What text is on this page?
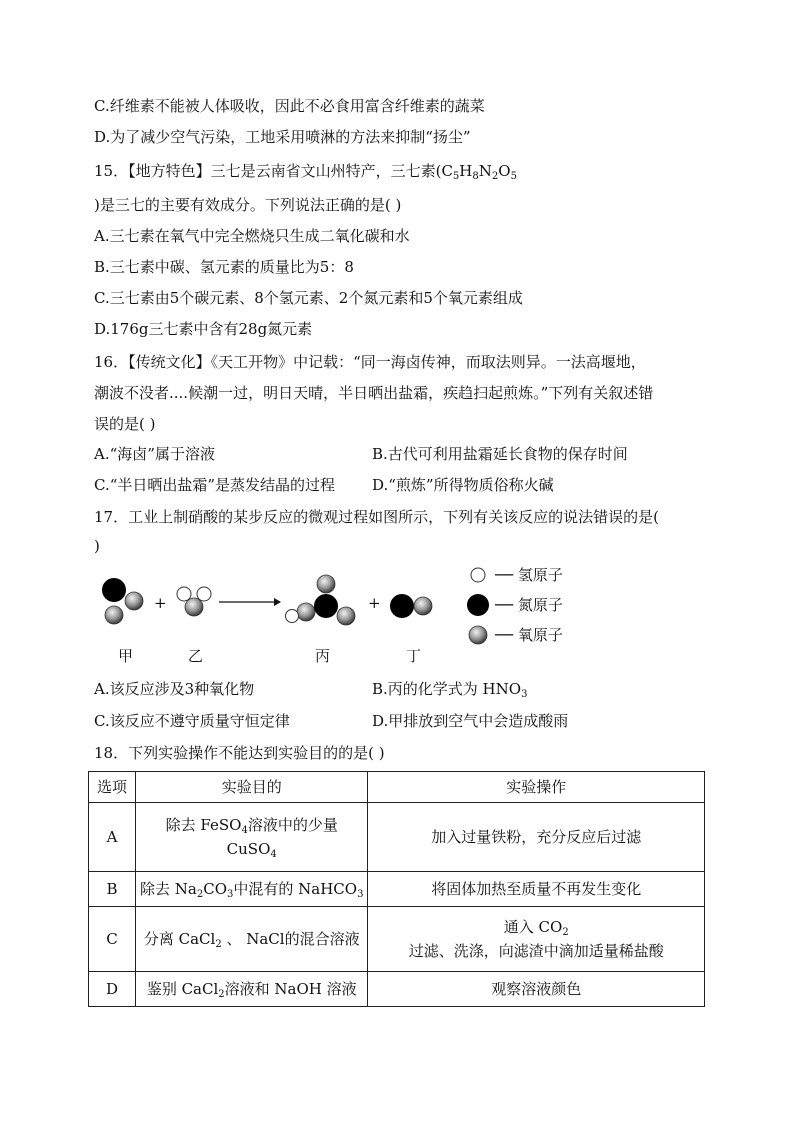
C.纤维素不能被人体吸收，因此不必食用富含纤维素的蔬菜
D.为了减少空气污染，工地采用喷淋的方法来抑制“扬尘”
15．【地方特色】三七是云南省文山州特产，三七素($C_5H_8N_2O_5$
)是三七的主要有效成分。下列说法正确的是( )
A.三七素在氧气中完全燃烧只生成二氧化碳和水
B.三七素中碳、氢元素的质量比为5：8
C.三七素由5个碳元素、8个氢元素、2个氮元素和5个氧元素组成
D.176g三七素中含有28g氮元素
16．【传统文化】《天工开物》中记载：“同一海卤传神，而取法则异。一法高堰地，
潮波不没者....候潮一过，明日天晴，半日晒出盐霜，疾趋扫起煎炼。”下列有关叙述错
误的是( )
A.“海卤”属于溶液	B.古代可利用盐霜延长食物的保存时间
C.“半日晒出盐霜”是蒸发结晶的过程 D.“煎炼”所得物质俗称火碱
17．工业上制硝酸的某步反应的微观过程如图所示，下列有关该反应的说法错误的是(
)
+	+
甲	乙	丙	丁
── 氢原子
── 氮原子
── 氧原子
A.该反应涉及3种氧化物	B.丙的化学式为 $HNO_3$
C.该反应不遵守质量守恒定律	D.甲排放到空气中会造成酸雨
18．下列实验操作不能达到实验目的的是( )
选项	实验目的	实验操作
A	除去 FeSO$_4$溶液中的少量
CuSO$_4$	加入过量铁粉，充分反应后过滤
B	除去 $Na_2CO_3$中混有的 NaHCO$_3$	将固体加热至质量不再发生变化
C	分离 CaCl$_2$ 、 NaCl的混合溶液	通入 $CO_2$
过滤、洗涤，向滤渣中滴加适量稀盐酸
D	鉴别 CaCl$_2$溶液和 NaOH 溶液	观察溶液颜色
